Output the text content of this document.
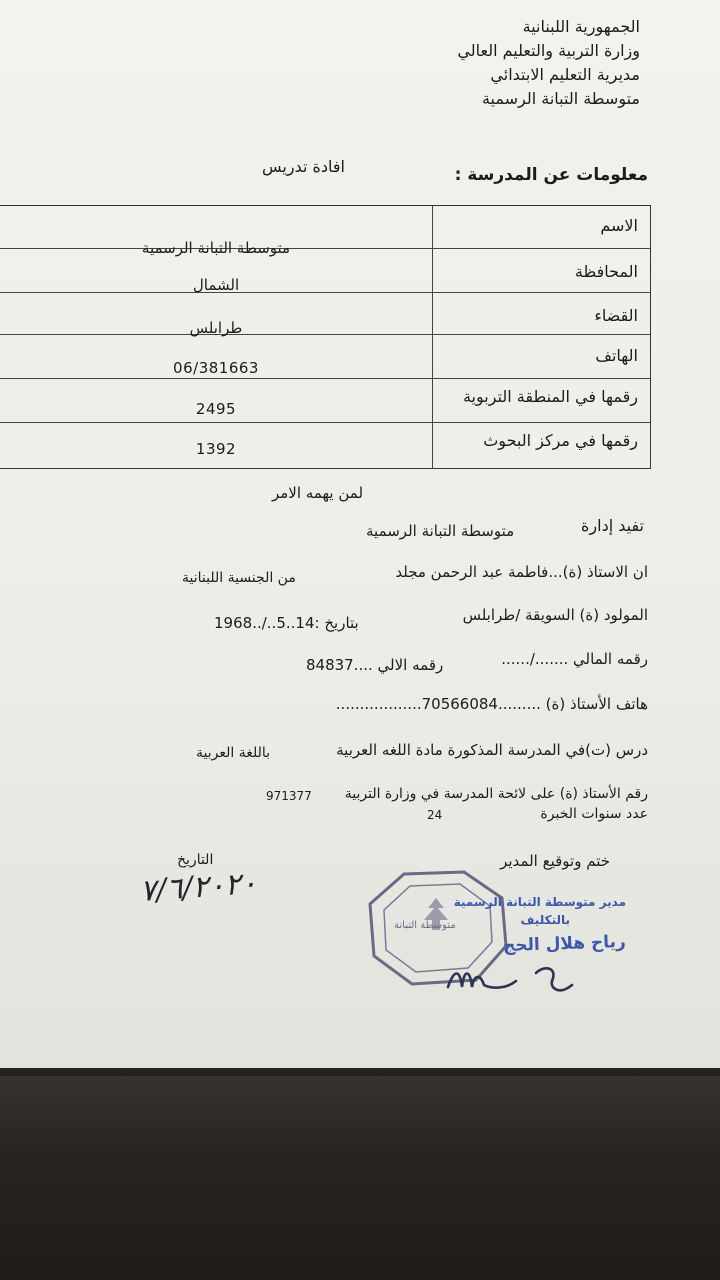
الجمهورية اللبنانية
وزارة التربية والتعليم العالي
مديرية التعليم الابتدائي
متوسطة التبانة الرسمية
افادة تدريس	معلومات عن المدرسة :
الاسم
متوسطة التبانة الرسمية
المحافظة
الشمال
القضاء
طرابلس
الهاتف
06/381663
رقمها في المنطقة التربوية
2495
رقمها في مركز البحوث
1392
لمن يهمه الامر
تفيد إدارة
متوسطة التبانة الرسمية
ان الاستاذ (ة)...فاطمة عبد الرحمن مجلد
من الجنسية اللبنانية
المولود (ة) السويقة /طرابلس
بتاريخ :14..5../..1968
رقمه المالي ......./......
رقمه الالي ....84837
هاتف الأستاذ (ة) .........70566084..................
درس (ت)في المدرسة المذكورة مادة اللغه العربية
باللغة العربية
رقم الأستاذ (ة) على لائحة المدرسة في وزارة التربية
971377
عدد سنوات الخبرة
24
ختم وتوقيع المدير
التاريخ
٧/٦/٢٠٢٠
متوسطة التبانة
مدير متوسطة التبانة الرسمية
بالتكليف
رياح هلال الحج
